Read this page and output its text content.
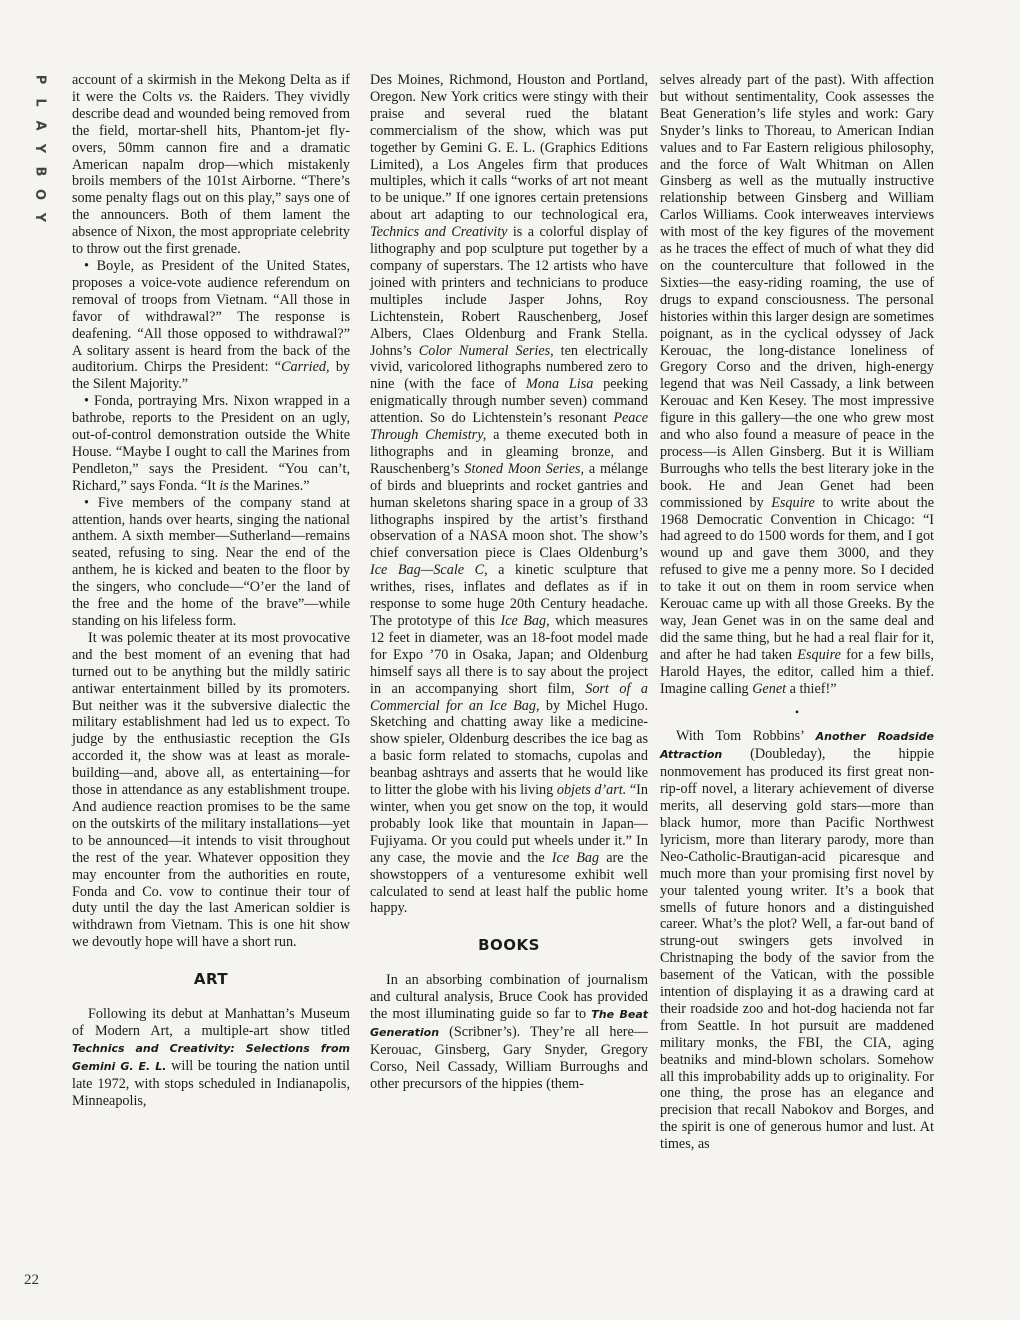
P
L
A
Y
B
O
Y
22

account of a skirmish in the Mekong Delta as if it were the Colts vs. the Raiders. They vividly describe dead and wounded being removed from the field, mortar-shell hits, Phantom-jet fly-overs, 50mm cannon fire and a dramatic American napalm drop—which mistakenly broils members of the 101st Airborne. “There’s some penalty flags out on this play,” says one of the announcers. Both of them lament the absence of Nixon, the most appropriate celebrity to throw out the first grenade.

• Boyle, as President of the United States, proposes a voice-vote audience referendum on removal of troops from Vietnam. “All those in favor of withdrawal?” The response is deafening. “All those opposed to withdrawal?” A solitary assent is heard from the back of the auditorium. Chirps the President: “Carried, by the Silent Majority.”

• Fonda, portraying Mrs. Nixon wrapped in a bathrobe, reports to the President on an ugly, out-of-control demonstration outside the White House. “Maybe I ought to call the Marines from Pendleton,” says the President. “You can’t, Richard,” says Fonda. “It is the Marines.”

• Five members of the company stand at attention, hands over hearts, singing the national anthem. A sixth member—Sutherland—remains seated, refusing to sing. Near the end of the anthem, he is kicked and beaten to the floor by the singers, who conclude—“O’er the land of the free and the home of the brave”—while standing on his lifeless form.

It was polemic theater at its most provocative and the best moment of an evening that had turned out to be anything but the mildly satiric antiwar entertainment billed by its promoters. But neither was it the subversive dialectic the military establishment had led us to expect. To judge by the enthusiastic reception the GIs accorded it, the show was at least as morale-building—and, above all, as entertaining—for those in attendance as any establishment troupe. And audience reaction promises to be the same on the outskirts of the military installations—yet to be announced—it intends to visit throughout the rest of the year. Whatever opposition they may encounter from the authorities en route, Fonda and Co. vow to continue their tour of duty until the day the last American soldier is withdrawn from Vietnam. This is one hit show we devoutly hope will have a short run.

ART

Following its debut at Manhattan’s Museum of Modern Art, a multiple-art show titled Technics and Creativity: Selections from Gemini G. E. L. will be touring the nation until late 1972, with stops scheduled in Indianapolis, Minneapolis,

Des Moines, Richmond, Houston and Portland, Oregon. New York critics were stingy with their praise and several rued the blatant commercialism of the show, which was put together by Gemini G. E. L. (Graphics Editions Limited), a Los Angeles firm that produces multiples, which it calls “works of art not meant to be unique.” If one ignores certain pretensions about art adapting to our technological era, Technics and Creativity is a colorful display of lithography and pop sculpture put together by a company of superstars. The 12 artists who have joined with printers and technicians to produce multiples include Jasper Johns, Roy Lichtenstein, Robert Rauschenberg, Josef Albers, Claes Oldenburg and Frank Stella. Johns’s Color Numeral Series, ten electrically vivid, varicolored lithographs numbered zero to nine (with the face of Mona Lisa peeking enigmatically through number seven) command attention. So do Lichtenstein’s resonant Peace Through Chemistry, a theme executed both in lithographs and in gleaming bronze, and Rauschenberg’s Stoned Moon Series, a mélange of birds and blueprints and rocket gantries and human skeletons sharing space in a group of 33 lithographs inspired by the artist’s firsthand observation of a NASA moon shot. The show’s chief conversation piece is Claes Oldenburg’s Ice Bag—Scale C, a kinetic sculpture that writhes, rises, inflates and deflates as if in response to some huge 20th Century headache. The prototype of this Ice Bag, which measures 12 feet in diameter, was an 18-foot model made for Expo ’70 in Osaka, Japan; and Oldenburg himself says all there is to say about the project in an accompanying short film, Sort of a Commercial for an Ice Bag, by Michel Hugo. Sketching and chatting away like a medicine-show spieler, Oldenburg describes the ice bag as a basic form related to stomachs, cupolas and beanbag ashtrays and asserts that he would like to litter the globe with his living objets d’art. “In winter, when you get snow on the top, it would probably look like that mountain in Japan—Fujiyama. Or you could put wheels under it.” In any case, the movie and the Ice Bag are the showstoppers of a venturesome exhibit well calculated to send at least half the public home happy.

BOOKS

In an absorbing combination of journalism and cultural analysis, Bruce Cook has provided the most illuminating guide so far to The Beat Generation (Scribner’s). They’re all here—Kerouac, Ginsberg, Gary Snyder, Gregory Corso, Neil Cassady, William Burroughs and other precursors of the hippies (them-

selves already part of the past). With affection but without sentimentality, Cook assesses the Beat Generation’s life styles and work: Gary Snyder’s links to Thoreau, to American Indian values and to Far Eastern religious philosophy, and the force of Walt Whitman on Allen Ginsberg as well as the mutually instructive relationship between Ginsberg and William Carlos Williams. Cook interweaves interviews with most of the key figures of the movement as he traces the effect of much of what they did on the counterculture that followed in the Sixties—the easy-riding roaming, the use of drugs to expand consciousness. The personal histories within this larger design are sometimes poignant, as in the cyclical odyssey of Jack Kerouac, the long-distance loneliness of Gregory Corso and the driven, high-energy legend that was Neil Cassady, a link between Kerouac and Ken Kesey. The most impressive figure in this gallery—the one who grew most and who also found a measure of peace in the process—is Allen Ginsberg. But it is William Burroughs who tells the best literary joke in the book. He and Jean Genet had been commissioned by Esquire to write about the 1968 Democratic Convention in Chicago: “I had agreed to do 1500 words for them, and I got wound up and gave them 3000, and they refused to give me a penny more. So I decided to take it out on them in room service when Kerouac came up with all those Greeks. By the way, Jean Genet was in on the same deal and did the same thing, but he had a real flair for it, and after he had taken Esquire for a few bills, Harold Hayes, the editor, called him a thief. Imagine calling Genet a thief!”

•

With Tom Robbins’ Another Roadside Attraction (Doubleday), the hippie nonmovement has produced its first great non-rip-off novel, a literary achievement of diverse merits, all deserving gold stars—more than black humor, more than Pacific Northwest lyricism, more than literary parody, more than Neo-Catholic-Brautigan-acid picaresque and much more than your promising first novel by your talented young writer. It’s a book that smells of future honors and a distinguished career. What’s the plot? Well, a far-out band of strung-out swingers gets involved in Christnaping the body of the savior from the basement of the Vatican, with the possible intention of displaying it as a drawing card at their roadside zoo and hot-dog hacienda not far from Seattle. In hot pursuit are maddened military monks, the FBI, the CIA, aging beatniks and mind-blown scholars. Somehow all this improbability adds up to originality. For one thing, the prose has an elegance and precision that recall Nabokov and Borges, and the spirit is one of generous humor and lust. At times, as
